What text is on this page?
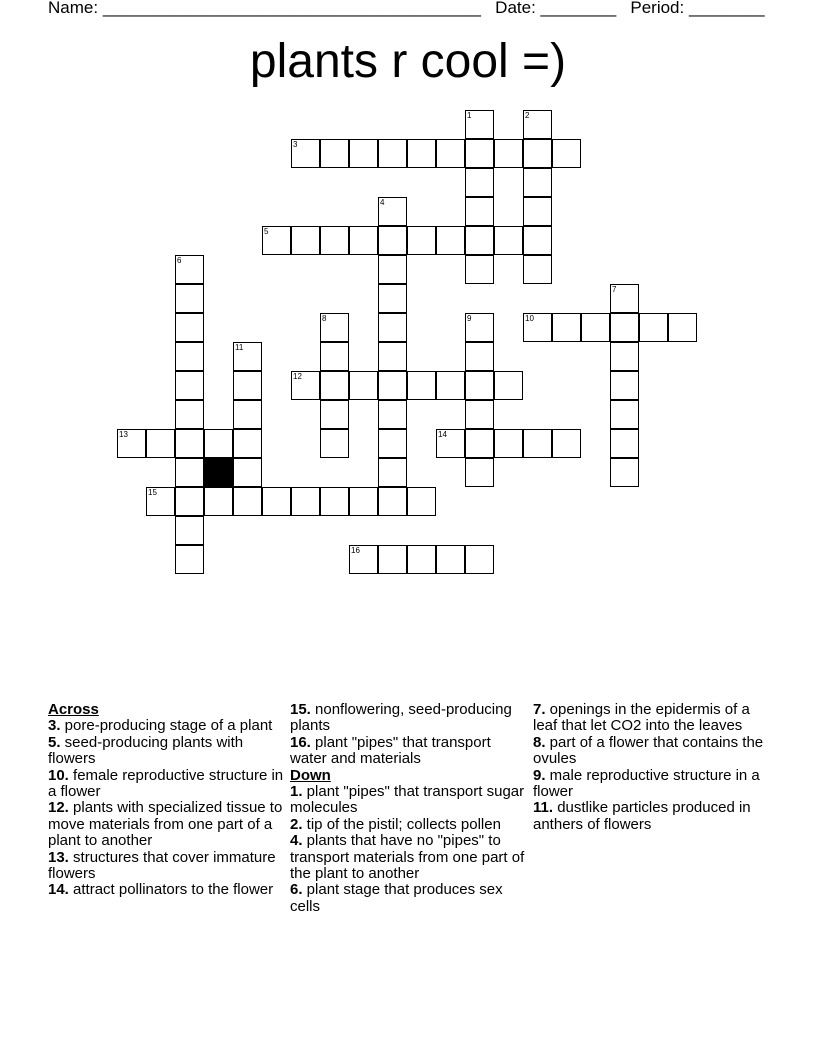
Name: ________________________________________ Date: ________ Period: ________
plants r cool =)
3
5
10
12
13	14
15
16
1	2
4
6
7
8	9
11
Across
3. pore-producing stage of a plant
5. seed-producing plants with flowers
10. female reproductive structure in a flower
12. plants with specialized tissue to move materials from one part of a plant to another
13. structures that cover immature flowers
14. attract pollinators to the flower
15. nonflowering, seed-producing plants
16. plant "pipes" that transport water and materials
Down
1. plant "pipes" that transport sugar molecules
2. tip of the pistil; collects pollen
4. plants that have no "pipes" to transport materials from one part of the plant to another
6. plant stage that produces sex cells
7. openings in the epidermis of a leaf that let CO2 into the leaves
8. part of a flower that contains the ovules
9. male reproductive structure in a flower
11. dustlike particles produced in anthers of flowers
